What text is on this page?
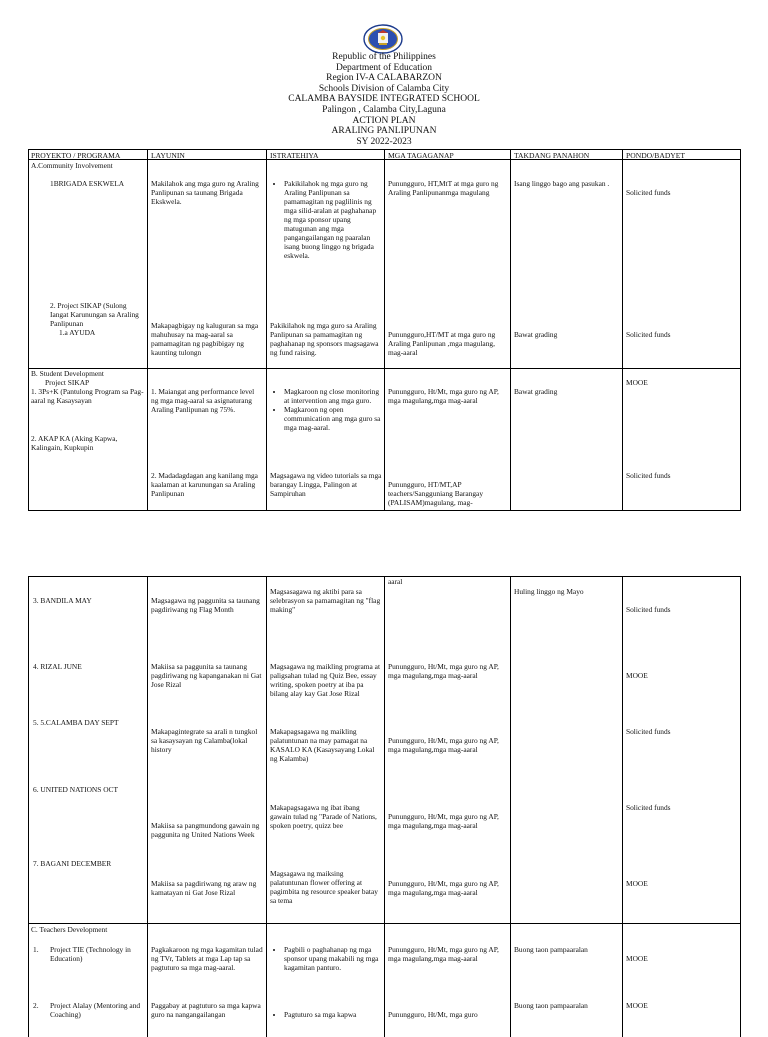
Republic of the Philippines
Department of Education
Region IV-A CALABARZON
Schools Division of Calamba City
CALAMBA BAYSIDE INTEGRATED SCHOOL
Palingon , Calamba City,Laguna
ACTION PLAN
ARALING PANLIPUNAN
SY 2022-2023
PROYEKTO / PROGRAMA	LAYUNIN	ISTRATEHIYA	MGA TAGAGANAP	TAKDANG PANAHON	PONDO/BADYET
A.Community Involvement
1BRIGADA ESKWELA	Makilahok ang mga guro ng Araling Panlipunan sa taunang Brigada Ekskwela.
• Pakikilahok ng mga guro ng Araling Panlipunan sa pamamagitan ng paglilinis ng mga silid-aralan at paghahanap ng mga sponsor upang matugunan ang mga pangangailangan ng paaralan isang buong linggo ng brigada eskwela.
Punungguro, HT,MtT at mga guro ng Araling Panlipunanmga magulang
Isang linggo bago ang pasukan .
Solicited funds
2. Project SIKAP (Sulong Iangat Karunungan sa Araling Panlipunan
1.a AYUDA
Makapagbigay ng kaluguran sa mga mahuhusay na mag-aaral sa pamamagitan ng pagbibigay ng kaunting tulongn
Pakikilahok ng mga guro sa Araling Panlipunan sa pamamagitan ng paghahanap ng sponsors magsagawa ng fund raising.
Punungguro,HT/MT at mga guro ng Araling Panlipunan ,mga magulang, mag-aaral
Bawat grading	Solicited funds
B. Student Development
Project SIKAP
1. 3Ps+K (Pantulong Program sa Pag-aaral ng Kasaysayan
1. Maiangat ang performance level ng mga mag-aaral sa asignaturang Araling Panlipunan ng 75%.
• Magkaroon ng close monitoring at intervention ang mga guro.
• Magkaroon ng open communication ang mga guro sa mga mag-aaral.
Punungguro, Ht/Mt, mga guro ng AP, mga magulang,mga mag-aaral
Bawat grading
MOOE
2. AKAP KA (Aking Kapwa, Kalingain, Kupkupin
2. Madadagdagan ang kanilang mga kaalaman at karunungan sa Araling Panlipunan
Magsagawa ng video tutorials sa mga barangay Lingga, Palingon at Sampiruhan
Punungguro, HT/MT,AP teachers/Sangguniang Barangay (PALISAM)magulang, mag-
Solicited funds
aaral
3. BANDILA MAY	Magsagawa ng paggunita sa taunang pagdiriwang ng Flag Month
Magsasagawa ng aktibi para sa selebrasyon sa pamamagitan ng "flag making"
Huling linggo ng Mayo
Solicited funds
4. RIZAL JUNE	Makiisa sa paggunita sa taunang pagdiriwang ng kapanganakan ni Gat Jose Rizal
Magsagawa ng maikling programa at paligsahan tulad ng Quiz Bee, essay writing, spoken poetry at iba pa bilang alay kay Gat Jose Rizal
Punungguro, Ht/Mt, mga guro ng AP, mga magulang,mga mag-aaral	MOOE
5. 5.CALAMBA DAY SEPT
Makapagintegrate sa arali n tungkol sa kasaysayan ng Calamba(lokal history
Makapagsagawa ng maikling palatuntunan na may pamagat na KASALO KA (Kasaysayang Lokal ng Kalamba)
Punungguro, Ht/Mt, mga guro ng AP, mga magulang,mga mag-aaral
Solicited funds
6. UNITED NATIONS OCT
Makiisa sa pangmundong gawain ng paggunita ng United Nations Week
Makapagsagawa ng ibat ibang gawain tulad ng "Parade of Nations, spoken poetry, quizz bee
Punungguro, Ht/Mt, mga guro ng AP, mga magulang,mga mag-aaral
Solicited funds
7. BAGANI DECEMBER
Makiisa sa pagdiriwang ng araw ng kamatayan ni Gat Jose Rizal
Magsagawa ng maiksing palatuntunan flower offering at pagimbita ng resource speaker batay sa tema
Punungguro, Ht/Mt, mga guro ng AP, mga magulang,mga mag-aaral
MOOE
C. Teachers Development
1.	Project TIE (Technology in Education)
Pagkakaroon ng mga kagamitan tulad ng TVr, Tablets at mga Lap tap sa pagtuturo sa mga mag-aaral.
• Pagbili o paghahanap ng mga sponsor upang makabili ng mga kagamitan panturo.
Punungguro, Ht/Mt, mga guro ng AP, mga magulang,mga mag-aaral
Buong taon pampaaralan
MOOE
2.	Project Alalay (Mentoring and Coaching)
Paggabay at pagtuturo sa mga kapwa guro na nangangailangan
•	Pagtuturo sa mga kapwa	Punungguro, Ht/Mt, mga guro
Buong taon pampaaralan	MOOE
